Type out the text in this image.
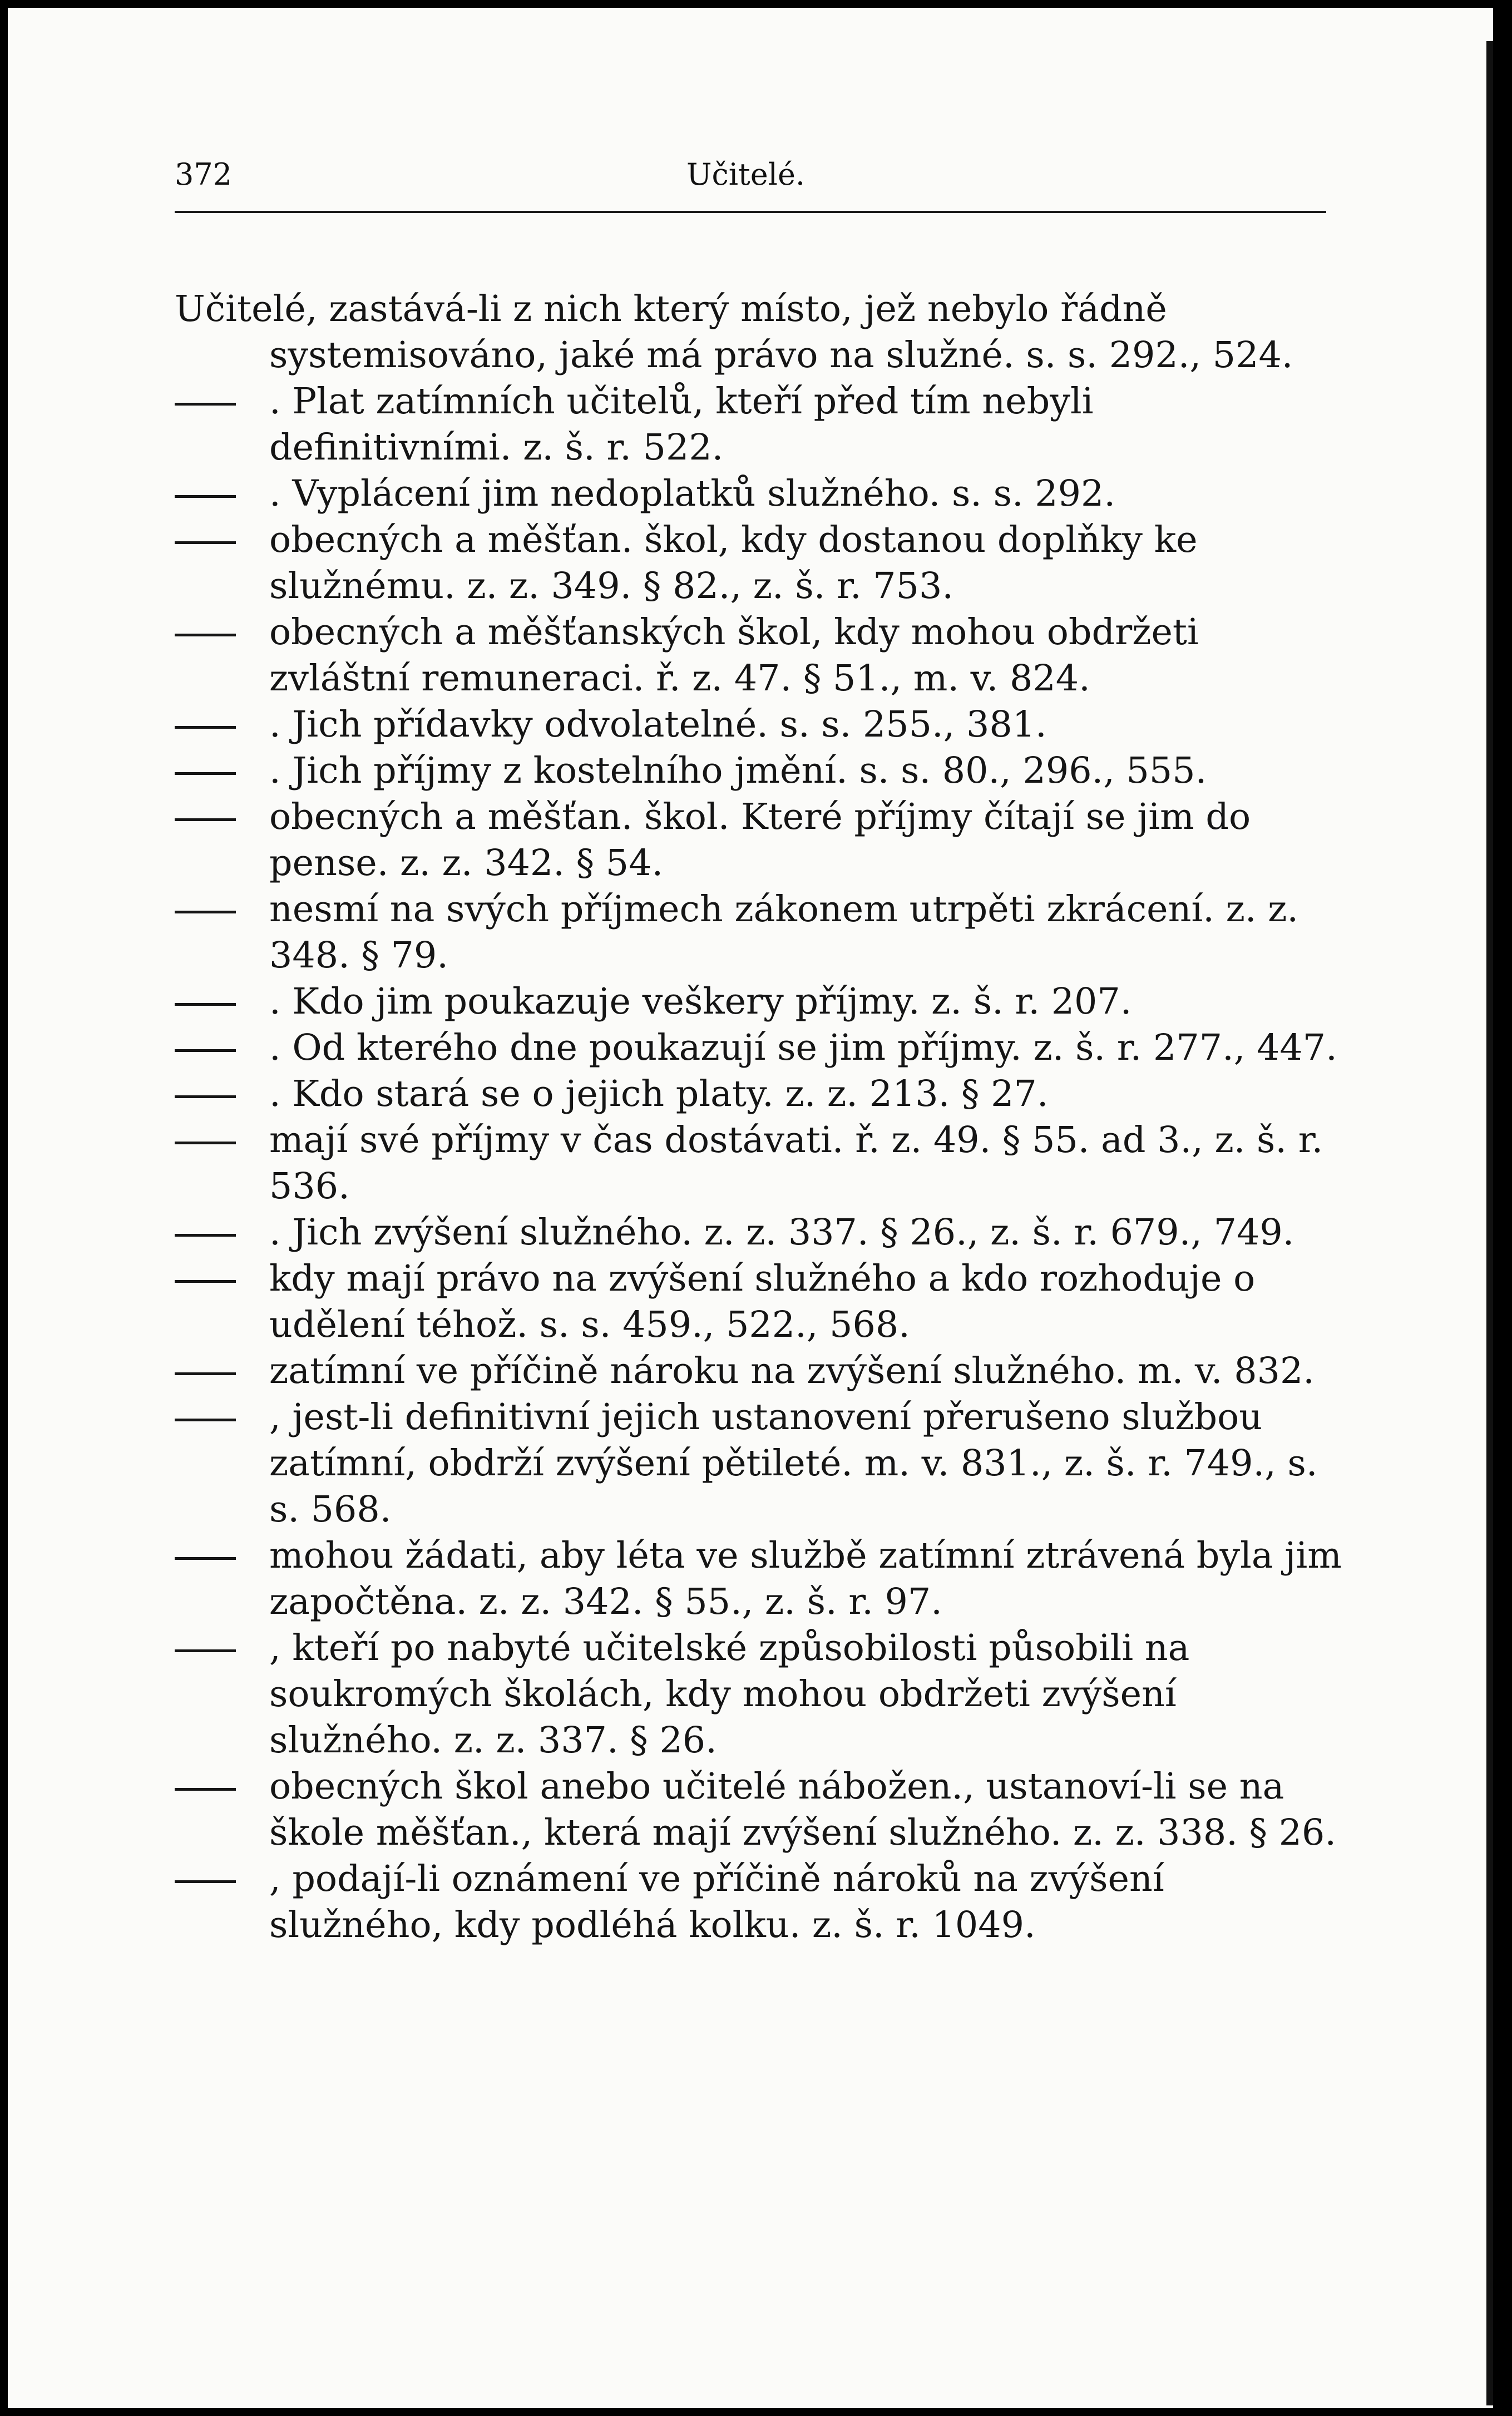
372	Učitelé.

Učitelé, zastává-li z nich který místo, jež nebylo řádně systemisováno, jaké má právo na služné. s. s. 292., 524.

. Plat zatímních učitelů, kteří před tím nebyli definitivními. z. š. r. 522.

. Vyplácení jim nedoplatků služného. s. s. 292.

obecných a měšťan. škol, kdy dostanou doplňky ke služnému. z. z. 349. § 82., z. š. r. 753.

obecných a měšťanských škol, kdy mohou obdržeti zvláštní remuneraci. ř. z. 47. § 51., m. v. 824.

. Jich přídavky odvolatelné. s. s. 255., 381.

. Jich příjmy z kostelního jmění. s. s. 80., 296., 555.

obecných a měšťan. škol. Které příjmy čítají se jim do pense. z. z. 342. § 54.

nesmí na svých příjmech zákonem utrpěti zkrácení. z. z. 348. § 79.

. Kdo jim poukazuje veškery příjmy. z. š. r. 207.

. Od kterého dne poukazují se jim příjmy. z. š. r. 277., 447.

. Kdo stará se o jejich platy. z. z. 213. § 27.

mají své příjmy v čas dostávati. ř. z. 49. § 55. ad 3., z. š. r. 536.

. Jich zvýšení služného. z. z. 337. § 26., z. š. r. 679., 749.

kdy mají právo na zvýšení služného a kdo rozhoduje o udělení téhož. s. s. 459., 522., 568.

zatímní ve příčině nároku na zvýšení služného. m. v. 832.

, jest-li definitivní jejich ustanovení přerušeno službou zatímní, obdrží zvýšení pětileté. m. v. 831., z. š. r. 749., s. s. 568.

mohou žádati, aby léta ve službě zatímní ztrávená byla jim započtěna. z. z. 342. § 55., z. š. r. 97.

, kteří po nabyté učitelské způsobilosti působili na soukromých školách, kdy mohou obdržeti zvýšení služného. z. z. 337. § 26.

obecných škol anebo učitelé nábožen., ustanoví-li se na škole měšťan., která mají zvýšení služného. z. z. 338. § 26.

, podají-li oznámení ve příčině nároků na zvýšení služného, kdy podléhá kolku. z. š. r. 1049.
